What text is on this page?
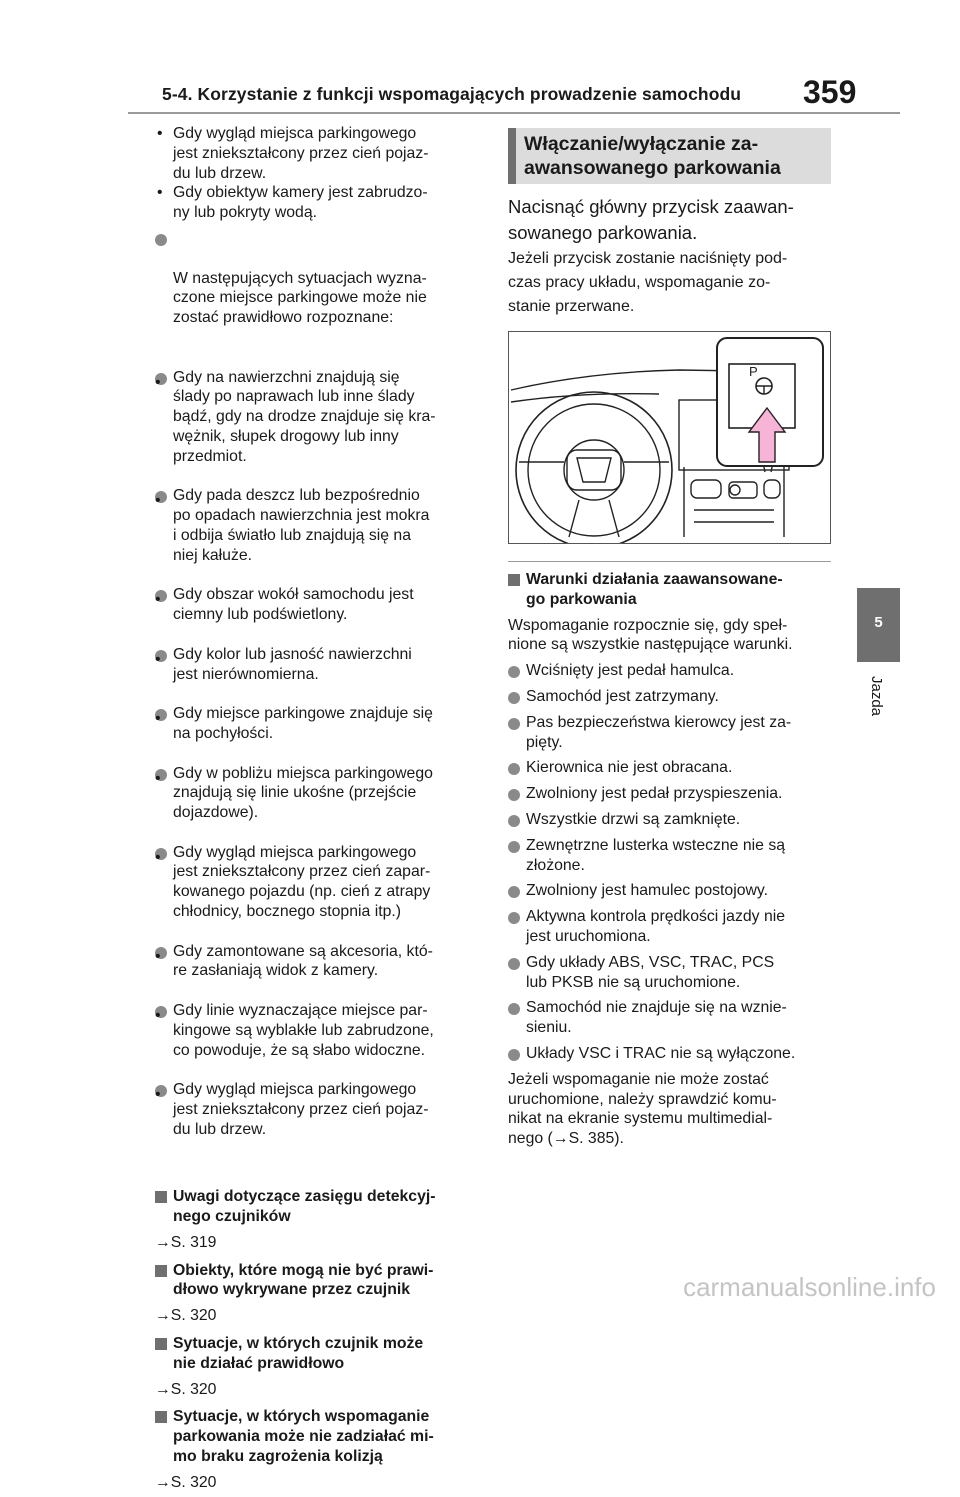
5-4. Korzystanie z funkcji wspomagających prowadzenie samochodu 359
5
Jazda

• Gdy wygląd miejsca parkingowego
jest zniekształcony przez cień pojaz-
du lub drzew.

• Gdy obiektyw kamery jest zabrudzo-
ny lub pokryty wodą.

W następujących sytuacjach wyzna-
czone miejsce parkingowe może nie
zostać prawidłowo rozpoznane:

• Gdy na nawierzchni znajdują się
ślady po naprawach lub inne ślady
bądź, gdy na drodze znajduje się kra-
wężnik, słupek drogowy lub inny
przedmiot.

• Gdy pada deszcz lub bezpośrednio
po opadach nawierzchnia jest mokra
i odbija światło lub znajdują się na
niej kałuże.

• Gdy obszar wokół samochodu jest
ciemny lub podświetlony.

• Gdy kolor lub jasność nawierzchni
jest nierównomierna.

• Gdy miejsce parkingowe znajduje się
na pochyłości.

• Gdy w pobliżu miejsca parkingowego
znajdują się linie ukośne (przejście
dojazdowe).

• Gdy wygląd miejsca parkingowego
jest zniekształcony przez cień zapar-
kowanego pojazdu (np. cień z atrapy
chłodnicy, bocznego stopnia itp.)

• Gdy zamontowane są akcesoria, któ-
re zasłaniają widok z kamery.

• Gdy linie wyznaczające miejsce par-
kingowe są wyblakłe lub zabrudzone,
co powoduje, że są słabo widoczne.

• Gdy wygląd miejsca parkingowego
jest zniekształcony przez cień pojaz-
du lub drzew.

Uwagi dotyczące zasięgu detekcyj-
nego czujników

→S. 319

Obiekty, które mogą nie być prawi-
dłowo wykrywane przez czujnik

→S. 320

Sytuacje, w których czujnik może
nie działać prawidłowo

→S. 320

Sytuacje, w których wspomaganie
parkowania może nie zadziałać mi-
mo braku zagrożenia kolizją

→S. 320

Włączanie/wyłączanie za-
awansowanego parkowania
Nacisnąć główny przycisk zaawan-
sowanego parkowania.
Jeżeli przycisk zostanie naciśnięty pod-
czas pracy układu, wspomaganie zo-
stanie przerwane.
P
Warunki działania zaawansowane-
go parkowania

Wspomaganie rozpocznie się, gdy speł-
nione są wszystkie następujące warunki.

Wciśnięty jest pedał hamulca.
Samochód jest zatrzymany.
Pas bezpieczeństwa kierowcy jest za-
pięty.
Kierownica nie jest obracana.
Zwolniony jest pedał przyspieszenia.
Wszystkie drzwi są zamknięte.
Zewnętrzne lusterka wsteczne nie są
złożone.
Zwolniony jest hamulec postojowy.
Aktywna kontrola prędkości jazdy nie
jest uruchomiona.
Gdy układy ABS, VSC, TRAC, PCS
lub PKSB nie są uruchomione.
Samochód nie znajduje się na wznie-
sieniu.
Układy VSC i TRAC nie są wyłączone.

Jeżeli wspomaganie nie może zostać
uruchomione, należy sprawdzić komu-
nikat na ekranie systemu multimedial-
nego (→S. 385).

carmanualsonline.info
